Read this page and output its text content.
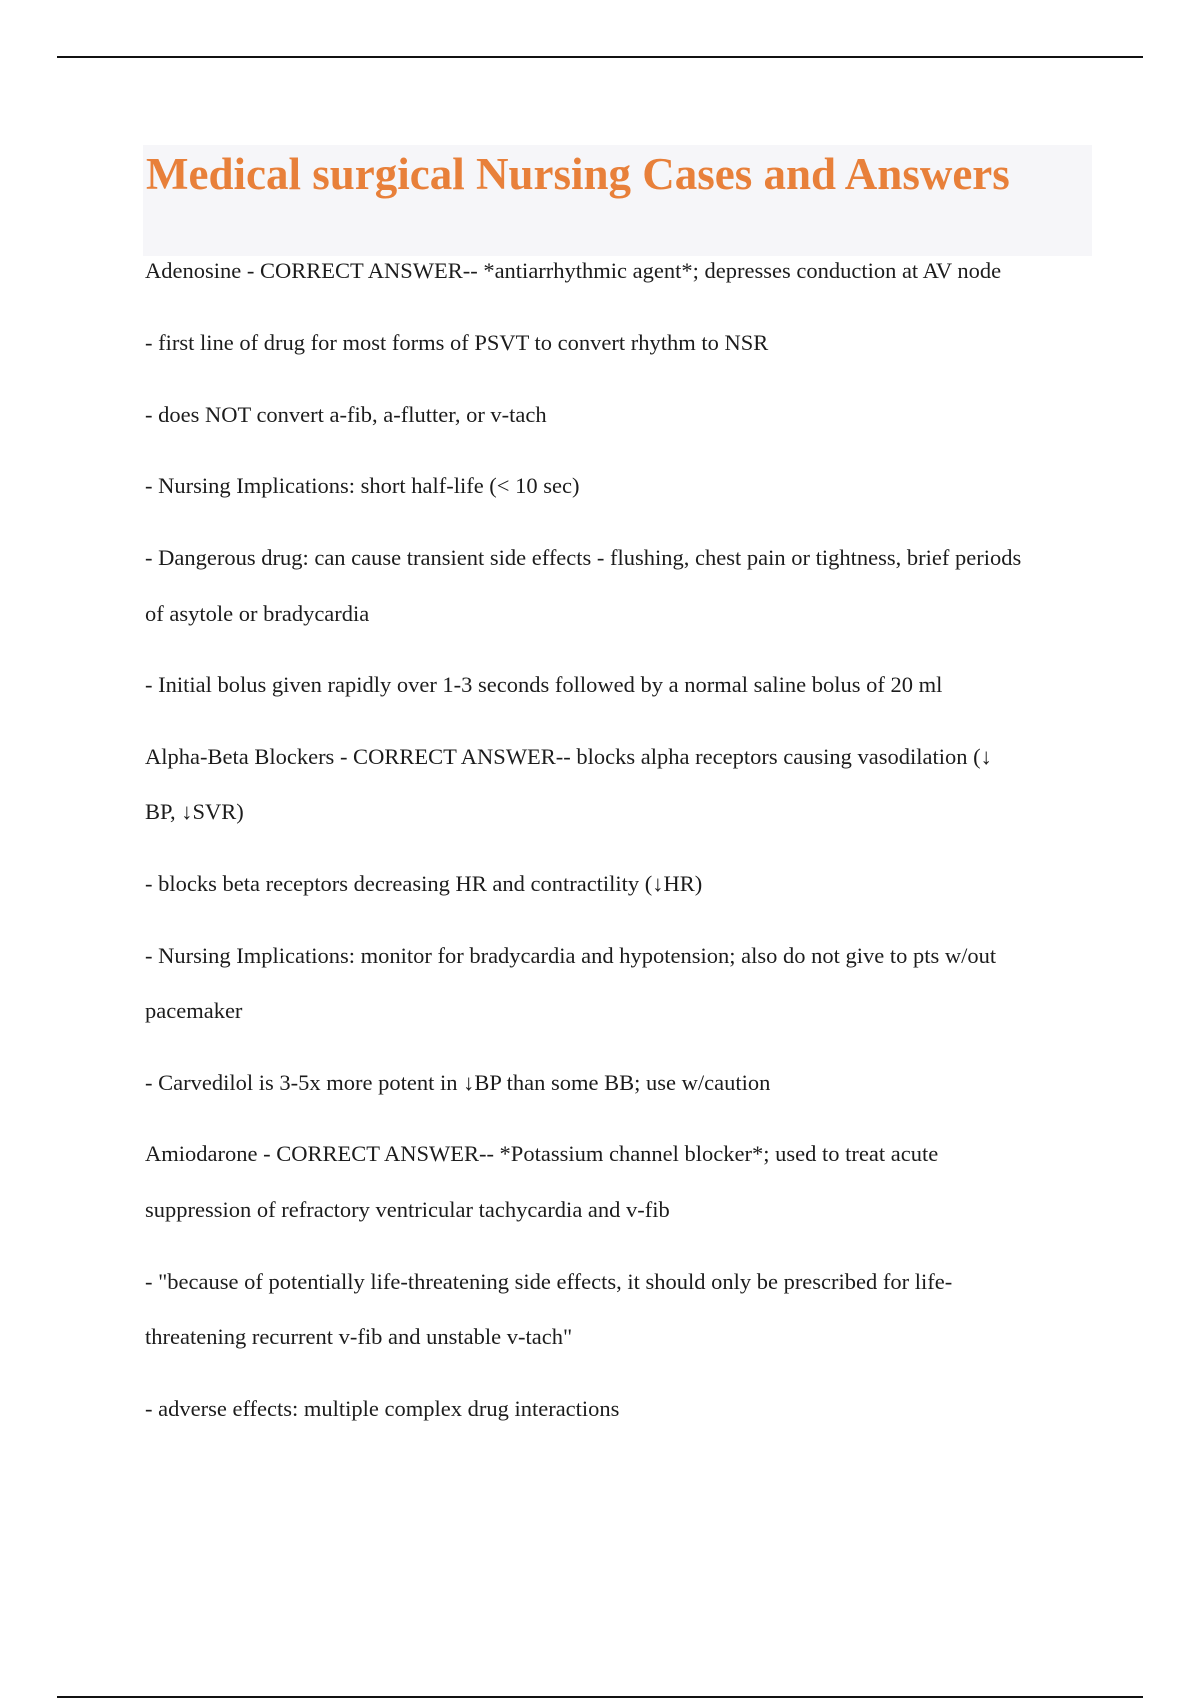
Medical surgical Nursing Cases and Answers

Adenosine - CORRECT ANSWER-- *antiarrhythmic agent*; depresses conduction at AV node

- first line of drug for most forms of PSVT to convert rhythm to NSR

- does NOT convert a-fib, a-flutter, or v-tach

- Nursing Implications: short half-life (< 10 sec)

- Dangerous drug: can cause transient side effects - flushing, chest pain or tightness, brief periods

of asytole or bradycardia

- Initial bolus given rapidly over 1-3 seconds followed by a normal saline bolus of 20 ml

Alpha-Beta Blockers - CORRECT ANSWER-- blocks alpha receptors causing vasodilation (↓

BP, ↓SVR)

- blocks beta receptors decreasing HR and contractility (↓HR)

- Nursing Implications: monitor for bradycardia and hypotension; also do not give to pts w/out

pacemaker

- Carvedilol is 3-5x more potent in ↓BP than some BB; use w/caution

Amiodarone - CORRECT ANSWER-- *Potassium channel blocker*; used to treat acute

suppression of refractory ventricular tachycardia and v-fib

- "because of potentially life-threatening side effects, it should only be prescribed for life-

threatening recurrent v-fib and unstable v-tach"

- adverse effects: multiple complex drug interactions
